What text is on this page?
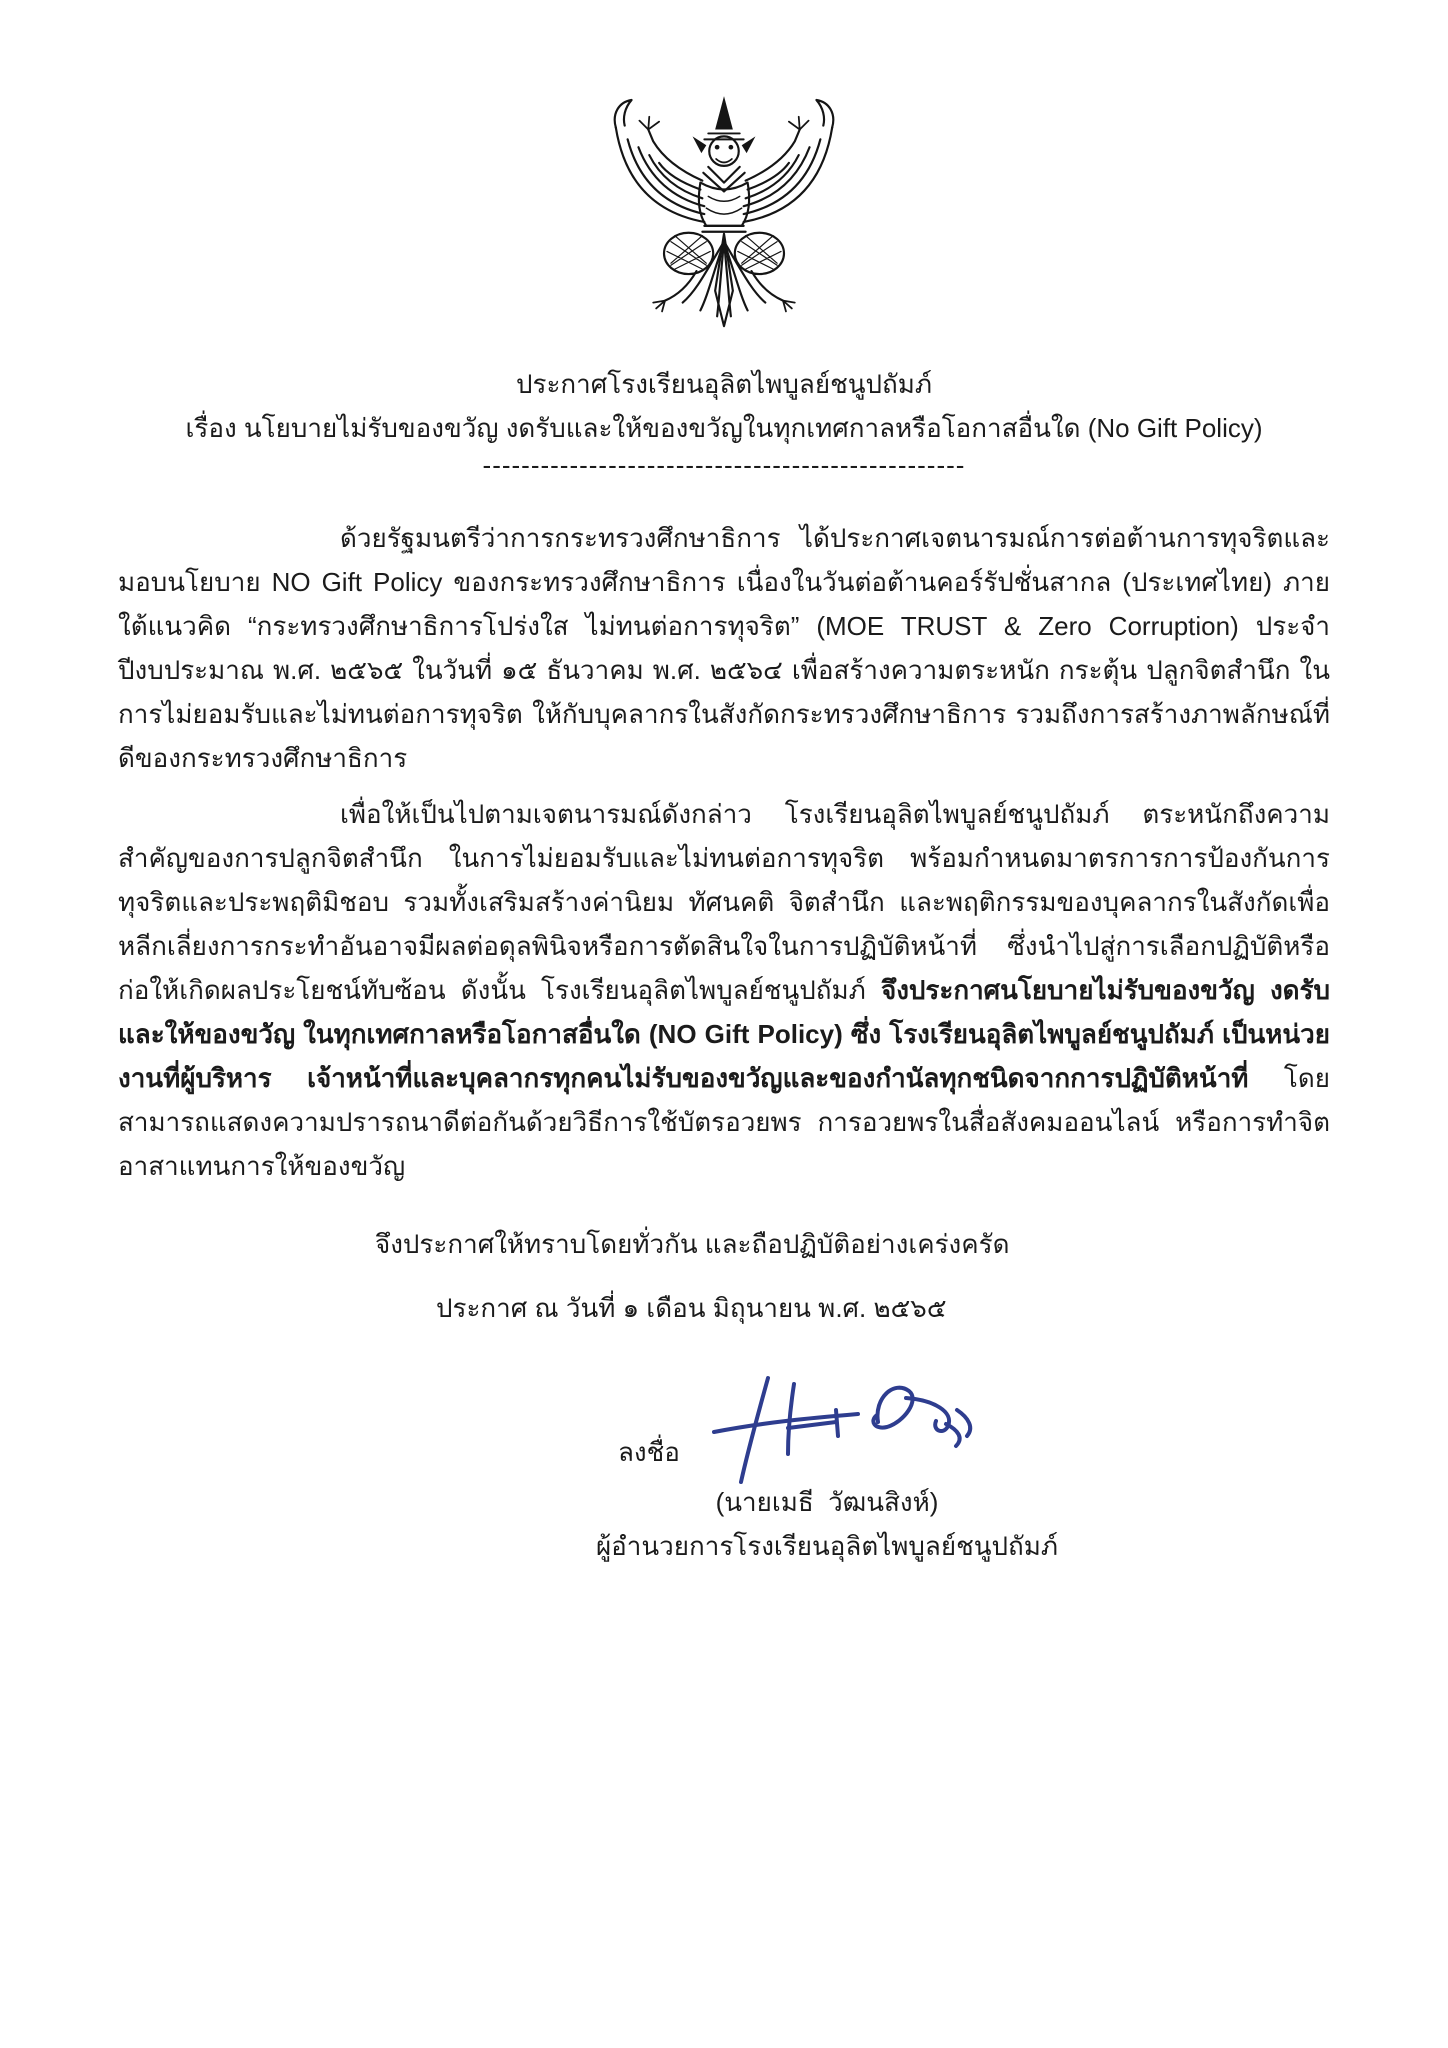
ประกาศโรงเรียนอุลิตไพบูลย์ชนูปถัมภ์
เรื่อง นโยบายไม่รับของขวัญ งดรับและให้ของขวัญในทุกเทศกาลหรือโอกาสอื่นใด (No Gift Policy)
--------------------------------------------------

ด้วยรัฐมนตรีว่าการกระทรวงศึกษาธิการ ได้ประกาศเจตนารมณ์การต่อต้านการทุจริตและมอบนโยบาย NO Gift Policy ของกระทรวงศึกษาธิการ เนื่องในวันต่อต้านคอร์รัปชั่นสากล (ประเทศไทย) ภายใต้แนวคิด “กระทรวงศึกษาธิการโปร่งใส ไม่ทนต่อการทุจริต” (MOE TRUST & Zero Corruption) ประจำปีงบประมาณ พ.ศ. ๒๕๖๕ ในวันที่ ๑๕ ธันวาคม พ.ศ. ๒๕๖๔ เพื่อสร้างความตระหนัก กระตุ้น ปลูกจิตสำนึก ในการไม่ยอมรับและไม่ทนต่อการทุจริต ให้กับบุคลากรในสังกัดกระทรวงศึกษาธิการ รวมถึงการสร้างภาพลักษณ์ที่ดีของกระทรวงศึกษาธิการ

เพื่อให้เป็นไปตามเจตนารมณ์ดังกล่าว โรงเรียนอุลิตไพบูลย์ชนูปถัมภ์ ตระหนักถึงความสำคัญของการปลูกจิตสำนึก ในการไม่ยอมรับและไม่ทนต่อการทุจริต พร้อมกำหนดมาตรการการป้องกันการทุจริตและประพฤติมิชอบ รวมทั้งเสริมสร้างค่านิยม ทัศนคติ จิตสำนึก และพฤติกรรมของบุคลากรในสังกัดเพื่อหลีกเลี่ยงการกระทำอันอาจมีผลต่อดุลพินิจหรือการตัดสินใจในการปฏิบัติหน้าที่ ซึ่งนำไปสู่การเลือกปฏิบัติหรือก่อให้เกิดผลประโยชน์ทับซ้อน ดังนั้น โรงเรียนอุลิตไพบูลย์ชนูปถัมภ์ จึงประกาศนโยบายไม่รับของขวัญ งดรับและให้ของขวัญ ในทุกเทศกาลหรือโอกาสอื่นใด (NO Gift Policy) ซึ่ง โรงเรียนอุลิตไพบูลย์ชนูปถัมภ์ เป็นหน่วยงานที่ผู้บริหาร เจ้าหน้าที่และบุคลากรทุกคนไม่รับของขวัญและของกำนัลทุกชนิดจากการปฏิบัติหน้าที่ โดยสามารถแสดงความปรารถนาดีต่อกันด้วยวิธีการใช้บัตรอวยพร การอวยพรในสื่อสังคมออนไลน์ หรือการทำจิตอาสาแทนการให้ของขวัญ

จึงประกาศให้ทราบโดยทั่วกัน และถือปฏิบัติอย่างเคร่งครัด
ประกาศ ณ วันที่ ๑ เดือน มิถุนายน พ.ศ. ๒๕๖๕
ลงชื่อ
(นายเมธี  วัฒนสิงห์)
ผู้อำนวยการโรงเรียนอุลิตไพบูลย์ชนูปถัมภ์
